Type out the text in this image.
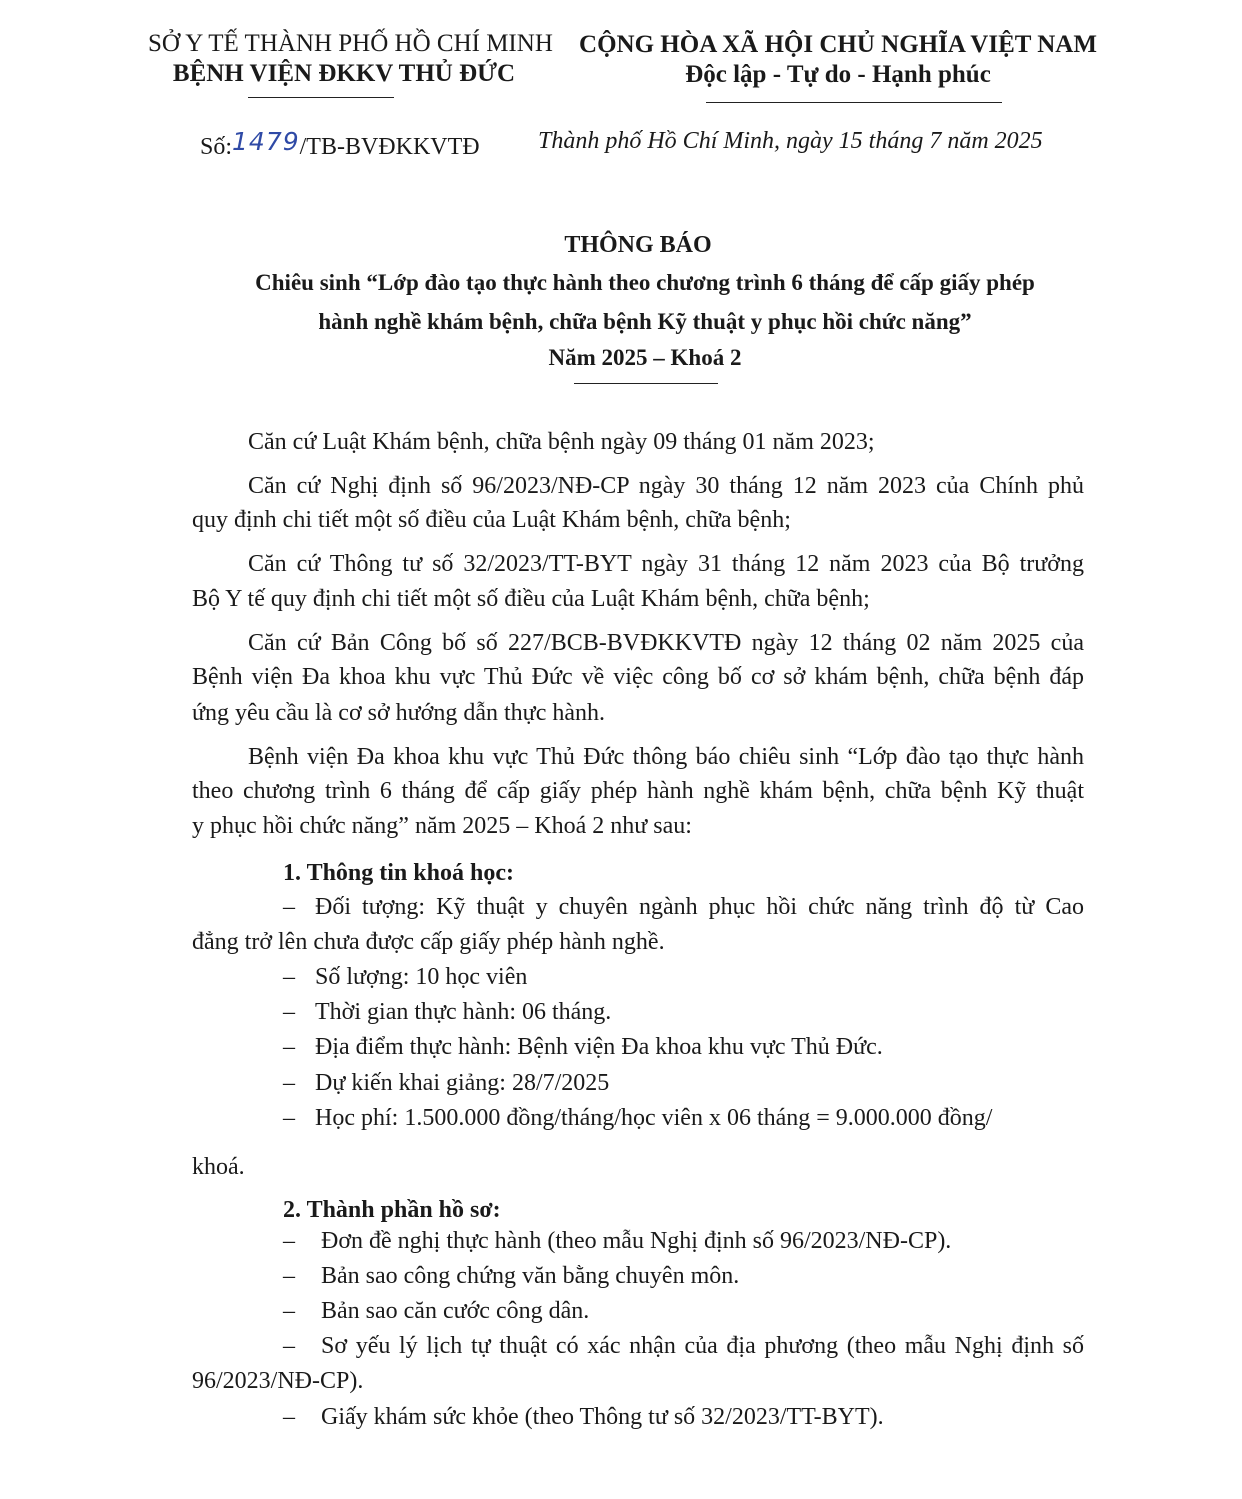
SỞ Y TẾ THÀNH PHỐ HỒ CHÍ MINH
BỆNH VIỆN ĐKKV THỦ ĐỨC
CỘNG HÒA XÃ HỘI CHỦ NGHĨA VIỆT NAM
Độc lập - Tự do - Hạnh phúc
Số:1479/TB-BVĐKKVTĐ Thành phố Hồ Chí Minh, ngày 15 tháng 7 năm 2025
THÔNG BÁO
Chiêu sinh “Lớp đào tạo thực hành theo chương trình 6 tháng để cấp giấy phép
hành nghề khám bệnh, chữa bệnh Kỹ thuật y phục hồi chức năng”
Năm 2025 – Khoá 2
Căn cứ Luật Khám bệnh, chữa bệnh ngày 09 tháng 01 năm 2023;
Căn cứ Nghị định số 96/2023/NĐ-CP ngày 30 tháng 12 năm 2023 của Chính phủ
quy định chi tiết một số điều của Luật Khám bệnh, chữa bệnh;
Căn cứ Thông tư số 32/2023/TT-BYT ngày 31 tháng 12 năm 2023 của Bộ trưởng
Bộ Y tế quy định chi tiết một số điều của Luật Khám bệnh, chữa bệnh;
Căn cứ Bản Công bố số 227/BCB-BVĐKKVTĐ ngày 12 tháng 02 năm 2025 của
Bệnh viện Đa khoa khu vực Thủ Đức về việc công bố cơ sở khám bệnh, chữa bệnh đáp
ứng yêu cầu là cơ sở hướng dẫn thực hành.
Bệnh viện Đa khoa khu vực Thủ Đức thông báo chiêu sinh “Lớp đào tạo thực hành
theo chương trình 6 tháng để cấp giấy phép hành nghề khám bệnh, chữa bệnh Kỹ thuật
y phục hồi chức năng” năm 2025 – Khoá 2 như sau:
1. Thông tin khoá học:
– Đối tượng: Kỹ thuật y chuyên ngành phục hồi chức năng trình độ từ Cao
đẳng trở lên chưa được cấp giấy phép hành nghề.
– Số lượng: 10 học viên
– Thời gian thực hành: 06 tháng.
– Địa điểm thực hành: Bệnh viện Đa khoa khu vực Thủ Đức.
– Dự kiến khai giảng: 28/7/2025
– Học phí: 1.500.000 đồng/tháng/học viên x 06 tháng = 9.000.000 đồng/
khoá.
2. Thành phần hồ sơ:
– Đơn đề nghị thực hành (theo mẫu Nghị định số 96/2023/NĐ-CP).
– Bản sao công chứng văn bằng chuyên môn.
– Bản sao căn cước công dân.
–	Sơ yếu lý lịch tự thuật có xác nhận của địa phương (theo mẫu Nghị định số
96/2023/NĐ-CP).
– Giấy khám sức khỏe (theo Thông tư số 32/2023/TT-BYT).
